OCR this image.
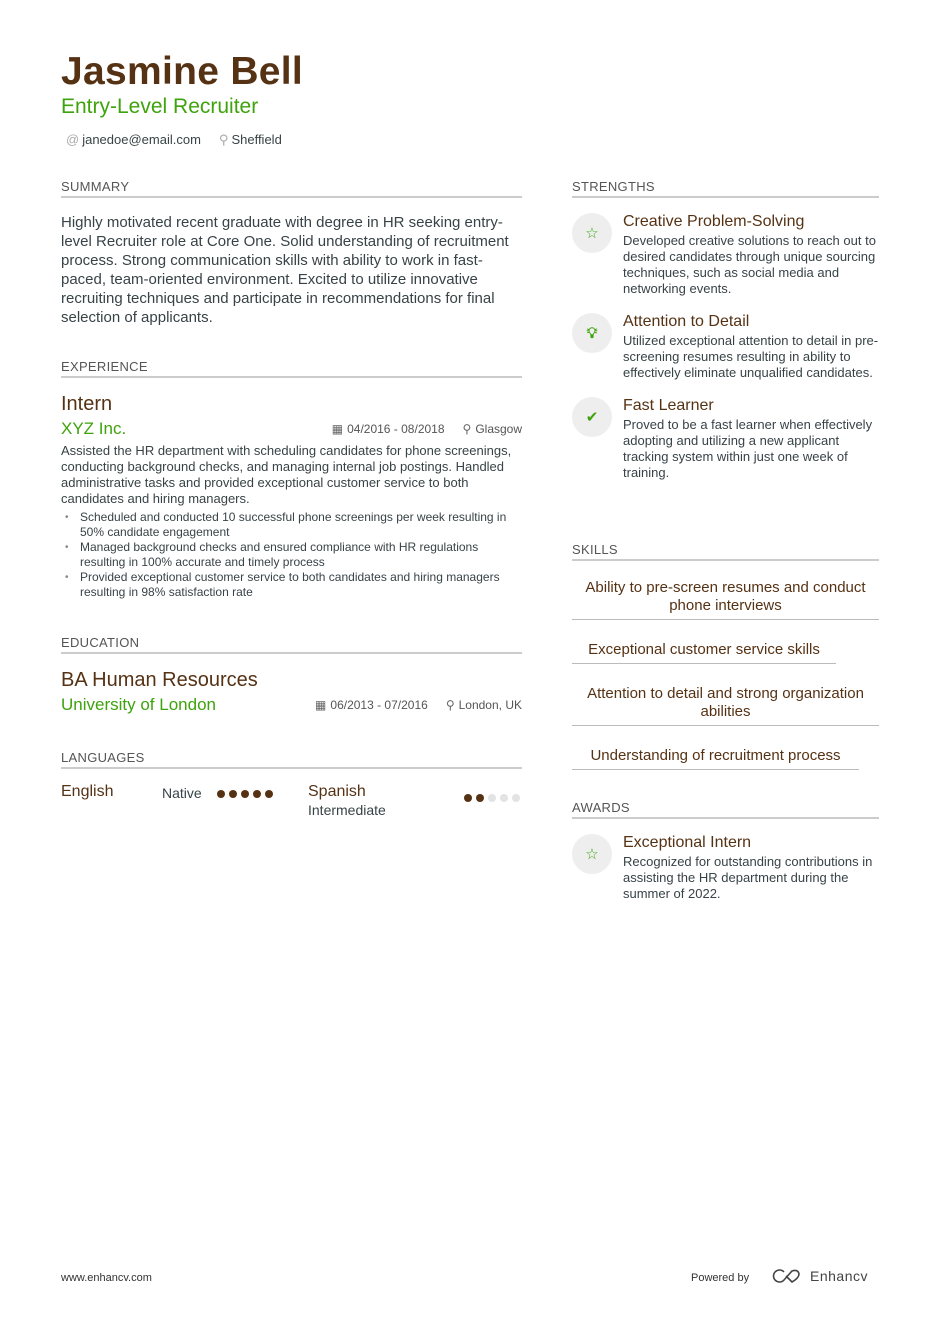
Jasmine Bell
Entry-Level Recruiter
@ janedoe@email.com ⚲ Sheffield
SUMMARY
Highly motivated recent graduate with degree in HR seeking entry-level Recruiter role at Core One. Solid understanding of recruitment process. Strong communication skills with ability to work in fast-paced, team-oriented environment. Excited to utilize innovative recruiting techniques and participate in recommendations for final selection of applicants.
EXPERIENCE
Intern
XYZ Inc.	▦ 04/2016 - 08/2018 ⚲ Glasgow
Assisted the HR department with scheduling candidates for phone screenings, conducting background checks, and managing internal job postings. Handled administrative tasks and provided exceptional customer service to both candidates and hiring managers.
• Scheduled and conducted 10 successful phone screenings per week resulting in 50% candidate engagement
• Managed background checks and ensured compliance with HR regulations resulting in 100% accurate and timely process
• Provided exceptional customer service to both candidates and hiring managers resulting in 98% satisfaction rate
EDUCATION
BA Human Resources
University of London	▦ 06/2013 - 07/2016 ⚲ London, UK
LANGUAGES
English	Native	Spanish
Intermediate
STRENGTHS
☆
Creative Problem-Solving
Developed creative solutions to reach out to desired candidates through unique sourcing techniques, such as social media and networking events.
💡︎
Attention to Detail
Utilized exceptional attention to detail in pre-screening resumes resulting in ability to effectively eliminate unqualified candidates.
✔
Fast Learner
Proved to be a fast learner when effectively adopting and utilizing a new applicant tracking system within just one week of training.
SKILLS
Ability to pre-screen resumes and conduct phone interviews
Exceptional customer service skills
Attention to detail and strong organization abilities
Understanding of recruitment process
AWARDS
☆
Exceptional Intern
Recognized for outstanding contributions in assisting the HR department during the summer of 2022.
www.enhancv.com	Powered by	Enhancv
